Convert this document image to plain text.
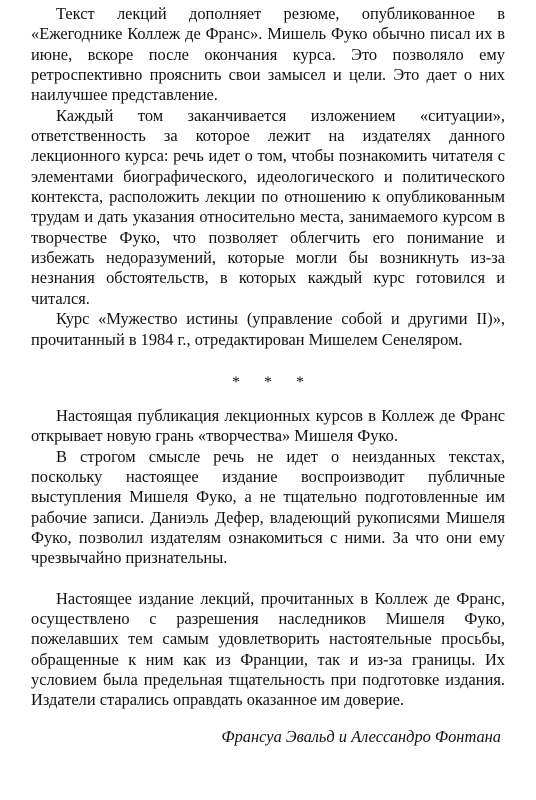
Текст лекций дополняет резюме, опубликованное в «Ежегоднике Коллеж де Франс». Мишель Фуко обычно писал их в июне, вскоре после окончания курса. Это позволяло ему ретроспективно прояснить свои замысел и цели. Это дает о них наилучшее представление.

Каждый том заканчивается изложением «ситуации», ответственность за которое лежит на издателях данного лекционного курса: речь идет о том, чтобы познакомить читателя с элементами биографического, идеологического и политического контекста, расположить лекции по отношению к опубликованным трудам и дать указания относительно места, занимаемого курсом в творчестве Фуко, что позволяет облегчить его понимание и избежать недоразумений, которые могли бы возникнуть из-за незнания обстоятельств, в которых каждый курс готовился и читался.

Курс «Мужество истины (управление собой и другими II)», прочитанный в 1984 г., отредактирован Мишелем Сенеляром.

* * *

Настоящая публикация лекционных курсов в Коллеж де Франс открывает новую грань «творчества» Мишеля Фуко.

В строгом смысле речь не идет о неизданных текстах, поскольку настоящее издание воспроизводит публичные выступления Мишеля Фуко, а не тщательно подготовленные им рабочие записи. Даниэль Дефер, владеющий рукописями Мишеля Фуко, позволил издателям ознакомиться с ними. За что они ему чрезвычайно признательны.

Настоящее издание лекций, прочитанных в Коллеж де Франс, осуществлено с разрешения наследников Мишеля Фуко, пожелавших тем самым удовлетворить настоятельные просьбы, обращенные к ним как из Франции, так и из-за границы. Их условием была предельная тщательность при подготовке издания. Издатели старались оправдать оказанное им доверие.

Франсуа Эвальд и Алессандро Фонтана
